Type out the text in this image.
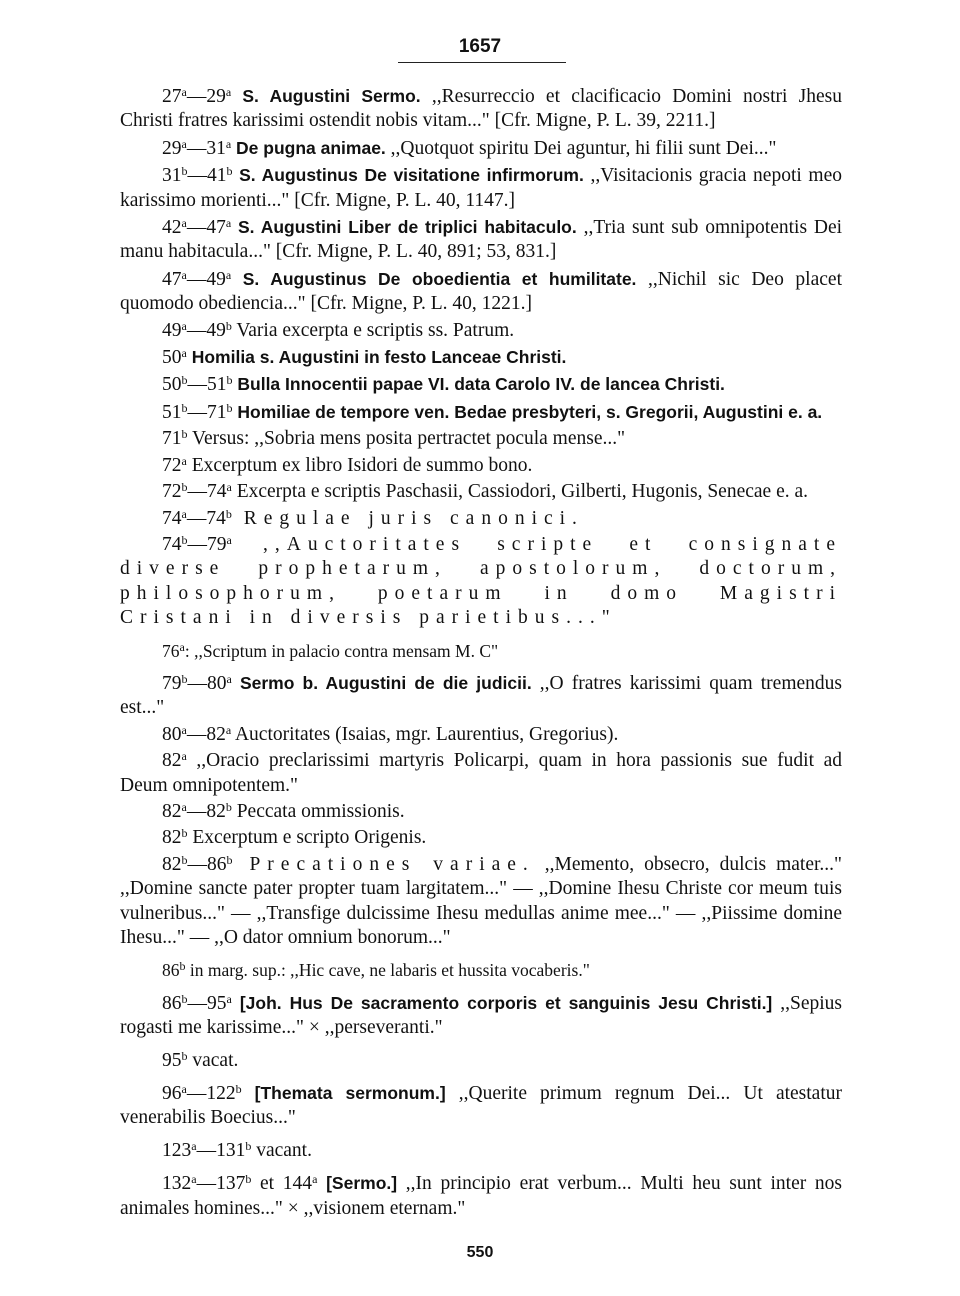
1657

27$^a$—29$^a$ S. Augustini Sermo. ,,Resurreccio et clacificacio Domini nostri Jhesu Christi fratres karissimi ostendit nobis vitam..." [Cfr. Migne, P. L. 39, 2211.]

29$^a$—31$^a$ De pugna animae. ,,Quotquot spiritu Dei aguntur, hi filii sunt Dei..."

31$^b$—41$^b$ S. Augustinus De visitatione infirmorum. ,,Visitacionis gracia nepoti meo karissimo morienti..." [Cfr. Migne, P. L. 40, 1147.]

42$^a$—47$^a$ S. Augustini Liber de triplici habitaculo. ,,Tria sunt sub omnipotentis Dei manu habitacula..." [Cfr. Migne, P. L. 40, 891; 53, 831.]

47$^a$—49$^a$ S. Augustinus De oboedientia et humilitate. ,,Nichil sic Deo placet quomodo obediencia..." [Cfr. Migne, P. L. 40, 1221.]

49$^a$—49$^b$ Varia excerpta e scriptis ss. Patrum.

50$^a$ Homilia s. Augustini in festo Lanceae Christi.

50$^b$—51$^b$ Bulla Innocentii papae VI. data Carolo IV. de lancea Christi.

51$^b$—71$^b$ Homiliae de tempore ven. Bedae presbyteri, s. Gregorii, Augustini e. a.

71$^b$ Versus: ,,Sobria mens posita pertractet pocula mense..."

72$^a$ Excerptum ex libro Isidori de summo bono.

72$^b$—74$^a$ Excerpta e scriptis Paschasii, Cassiodori, Gilberti, Hugonis, Senecae e. a.

74$^a$—74$^b$ Regulae juris canonici.

74$^b$—79$^a$ ,,Auctoritates scripte et consignate diverse prophetarum, apostolorum, doctorum, philosophorum, poetarum in domo Magistri Cristani in diversis parietibus..."

76$^a$: ,,Scriptum in palacio contra mensam M. C"

79$^b$—80$^a$ Sermo b. Augustini de die judicii. ,,O fratres karissimi quam tremendus est..."

80$^a$—82$^a$ Auctoritates (Isaias, mgr. Laurentius, Gregorius).

82$^a$ ,,Oracio preclarissimi martyris Policarpi, quam in hora passionis sue fudit ad Deum omnipotentem."

82$^a$—82$^b$ Peccata ommissionis.

82$^b$ Excerptum e scripto Origenis.

82$^b$—86$^b$ Precationes variae. ,,Memento, obsecro, dulcis mater..." ,,Domine sancte pater propter tuam largitatem..." — ,,Domine Ihesu Christe cor meum tuis vulneribus..." — ,,Transfige dulcissime Ihesu medullas anime mee..." — ,,Piissime domine Ihesu..." — ,,O dator omnium bonorum..."

86$^b$ in marg. sup.: ,,Hic cave, ne labaris et hussita vocaberis."

86$^b$—95$^a$ [Joh. Hus De sacramento corporis et sanguinis Jesu Christi.] ,,Sepius rogasti me karissime..." × ,,perseveranti."

95$^b$ vacat.

96$^a$—122$^b$ [Themata sermonum.] ,,Querite primum regnum Dei... Ut atestatur venerabilis Boecius..."

123$^a$—131$^b$ vacant.

132$^a$—137$^b$ et 144$^a$ [Sermo.] ,,In principio erat verbum... Multi heu sunt inter nos animales homines..." × ,,visionem eternam."

550
